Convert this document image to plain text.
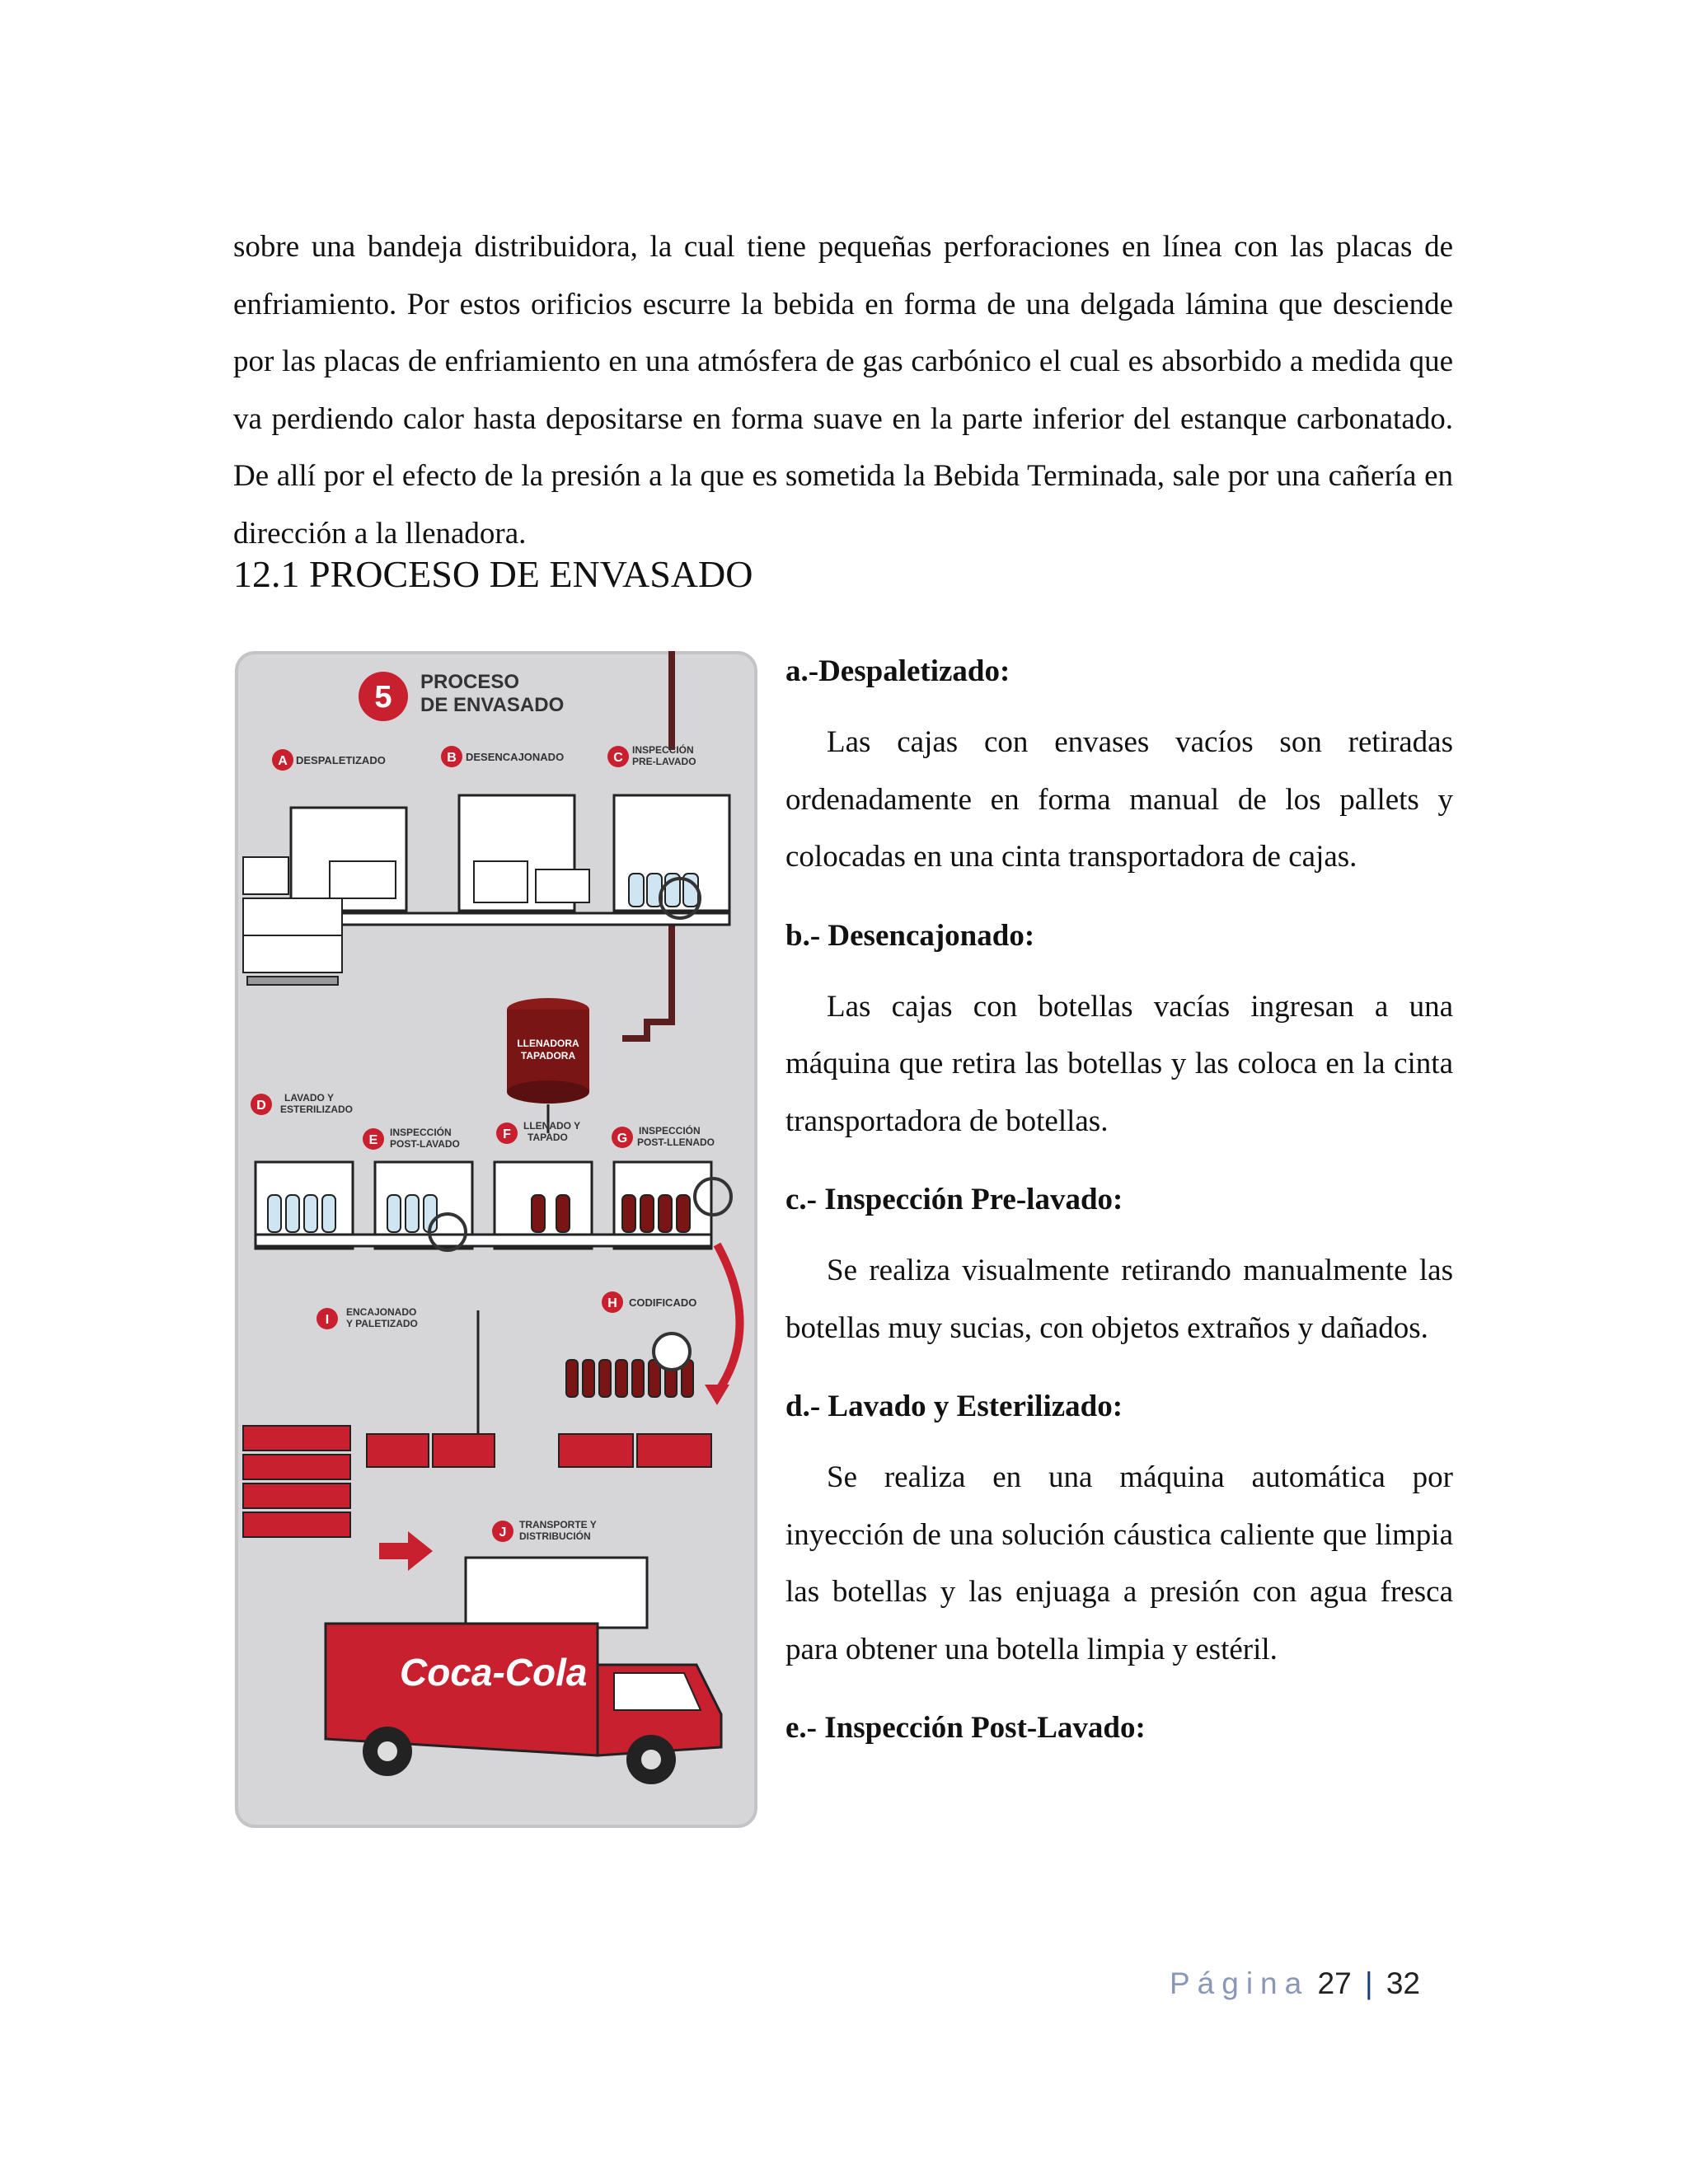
sobre una bandeja distribuidora, la cual tiene pequeñas perforaciones en línea con las placas de enfriamiento. Por estos orificios escurre la bebida en forma de una delgada lámina que desciende por las placas de enfriamiento en una atmósfera de gas carbónico el cual es absorbido a medida que va perdiendo calor hasta depositarse en forma suave en la parte inferior del estanque carbonatado. De allí por el efecto de la presión a la que es sometida la Bebida Terminada, sale por una cañería en dirección a la llenadora.

12.1 PROCESO DE ENVASADO
5 PROCESO
DE ENVASADO
A DESPALETIZADO	B DESENCAJONADO	C
INSPECCIÓN
PRE-LAVADO
LLENADORA
TAPADORA
D
LAVADO Y
ESTERILIZADO
E
INSPECCIÓN
POST-LAVADO
F
LLENADO Y
TAPADO	G
INSPECCIÓN
POST-LLENADO
H CODIFICADO
I
ENCAJONADO
Y PALETIZADO
J
TRANSPORTE Y
DISTRIBUCIÓN
Coca-Cola

a.-Despaletizado:

Las cajas con envases vacíos son retiradas ordenadamente en forma manual de los pallets y colocadas en una cinta transportadora de cajas.

b.- Desencajonado:

Las cajas con botellas vacías ingresan a una máquina que retira las botellas y las coloca en la cinta transportadora de botellas.

c.- Inspección Pre-lavado:

Se realiza visualmente retirando manualmente las botellas muy sucias, con objetos extraños y dañados.

d.- Lavado y Esterilizado:

Se realiza en una máquina automática por inyección de una solución cáustica caliente que limpia las botellas y las enjuaga a presión con agua fresca para obtener una botella limpia y estéril.

e.- Inspección Post-Lavado:

Página 27 | 32
